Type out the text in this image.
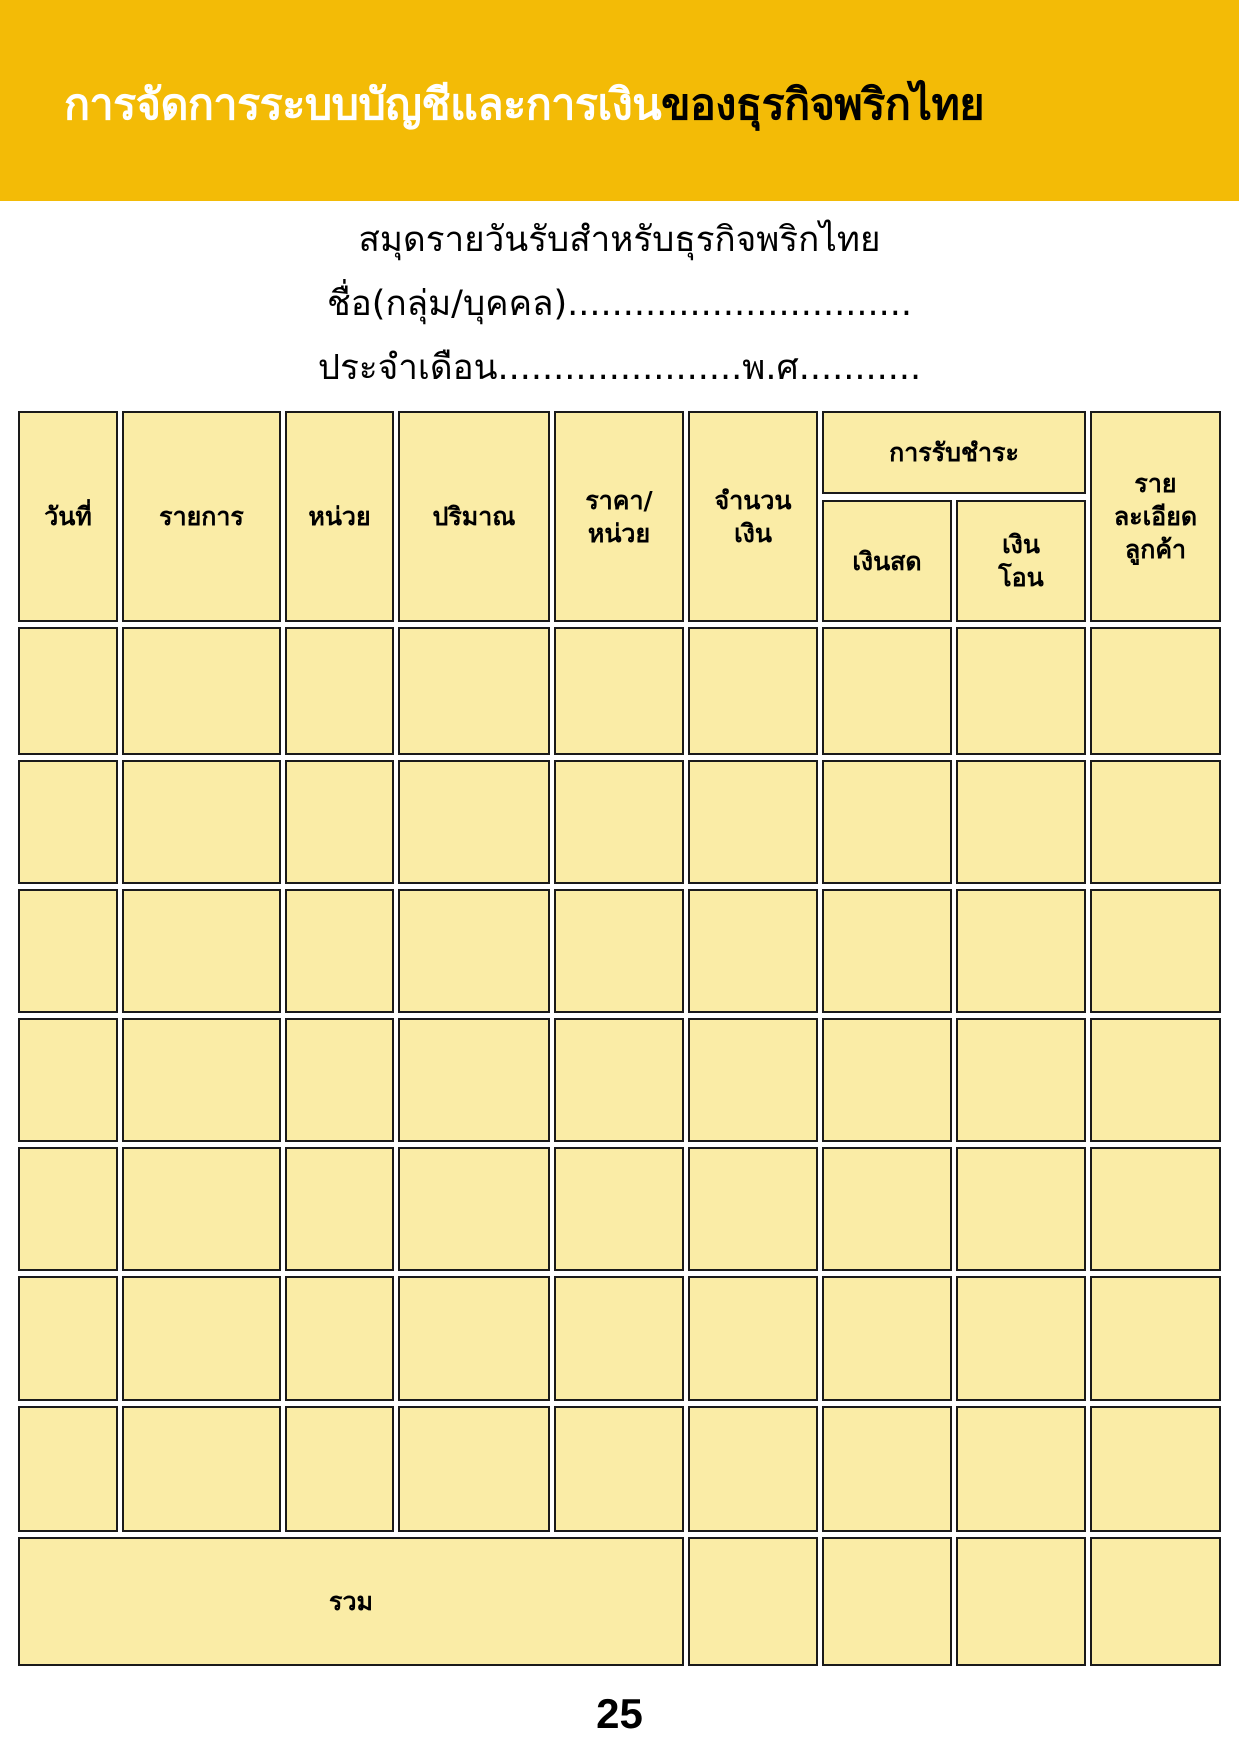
การจัดการระบบบัญชีและการเงินของธุรกิจพริกไทย
สมุดรายวันรับสำหรับธุรกิจพริกไทย
ชื่อ(กลุ่ม/บุคคล)...............................
ประจำเดือน......................พ.ศ...........
วันที่	รายการ	หน่วย ปริมาณ
ราคา/
หน่วย
จำนวน
เงิน
การรับชำระ
เงินสด
เงิน
โอน
ราย
ละเอียด
ลูกค้า
รวม
25
